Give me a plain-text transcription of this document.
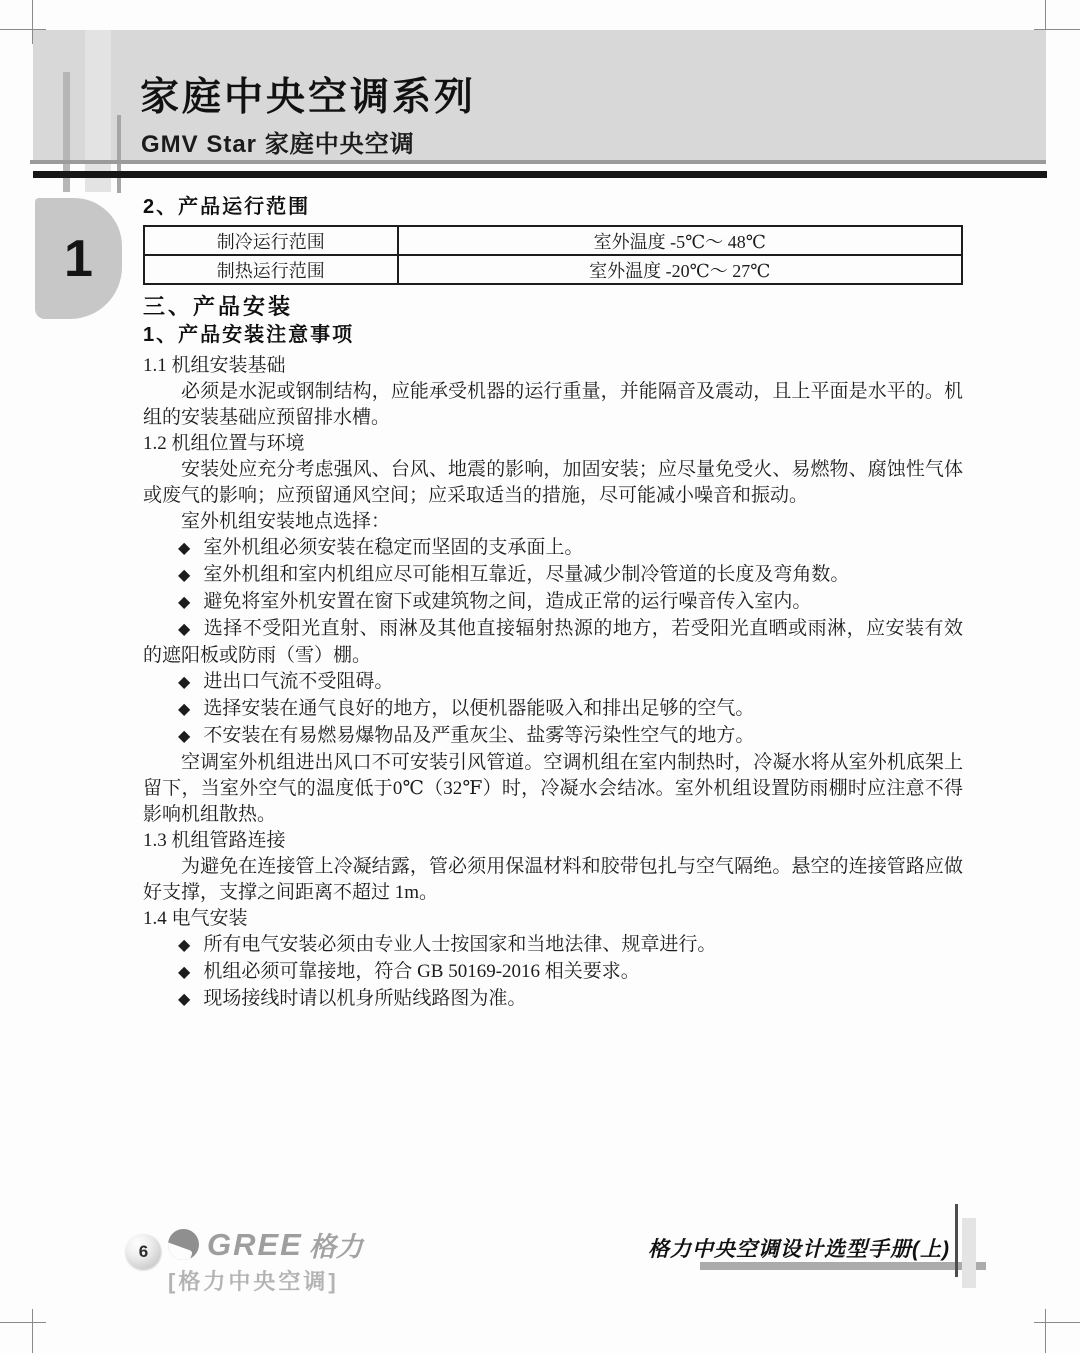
家庭中央空调系列
GMV Star 家庭中央空调
1
2、产品运行范围
制冷运行范围	室外温度 -5℃～ 48℃
制热运行范围	室外温度 -20℃～ 27℃
三、产品安装
1、产品安装注意事项
1.1 机组安装基础
必须是水泥或钢制结构，应能承受机器的运行重量，并能隔音及震动，且上平面是水平的。机组的安装基础应预留排水槽。
1.2 机组位置与环境
安装处应充分考虑强风、台风、地震的影响，加固安装；应尽量免受火、易燃物、腐蚀性气体或废气的影响；应预留通风空间；应采取适当的措施，尽可能减小噪音和振动。
室外机组安装地点选择：
◆ 室外机组必须安装在稳定而坚固的支承面上。
◆ 室外机组和室内机组应尽可能相互靠近，尽量减少制冷管道的长度及弯角数。
◆ 避免将室外机安置在窗下或建筑物之间，造成正常的运行噪音传入室内。
◆ 选择不受阳光直射、雨淋及其他直接辐射热源的地方，若受阳光直晒或雨淋，应安装有效的遮阳板或防雨（雪）棚。
◆ 进出口气流不受阻碍。
◆ 选择安装在通气良好的地方，以便机器能吸入和排出足够的空气。
◆ 不安装在有易燃易爆物品及严重灰尘、盐雾等污染性空气的地方。
空调室外机组进出风口不可安装引风管道。空调机组在室内制热时，冷凝水将从室外机底架上留下，当室外空气的温度低于0℃（32℉）时，冷凝水会结冰。室外机组设置防雨棚时应注意不得影响机组散热。
1.3 机组管路连接
为避免在连接管上冷凝结露，管必须用保温材料和胶带包扎与空气隔绝。悬空的连接管路应做好支撑，支撑之间距离不超过 1m。
1.4 电气安装
◆ 所有电气安装必须由专业人士按国家和当地法律、规章进行。
◆ 机组必须可靠接地，符合 GB 50169-2016 相关要求。
◆ 现场接线时请以机身所贴线路图为准。
6 GREE 格力
[格力中央空调]
格力中央空调设计选型手册(上)
